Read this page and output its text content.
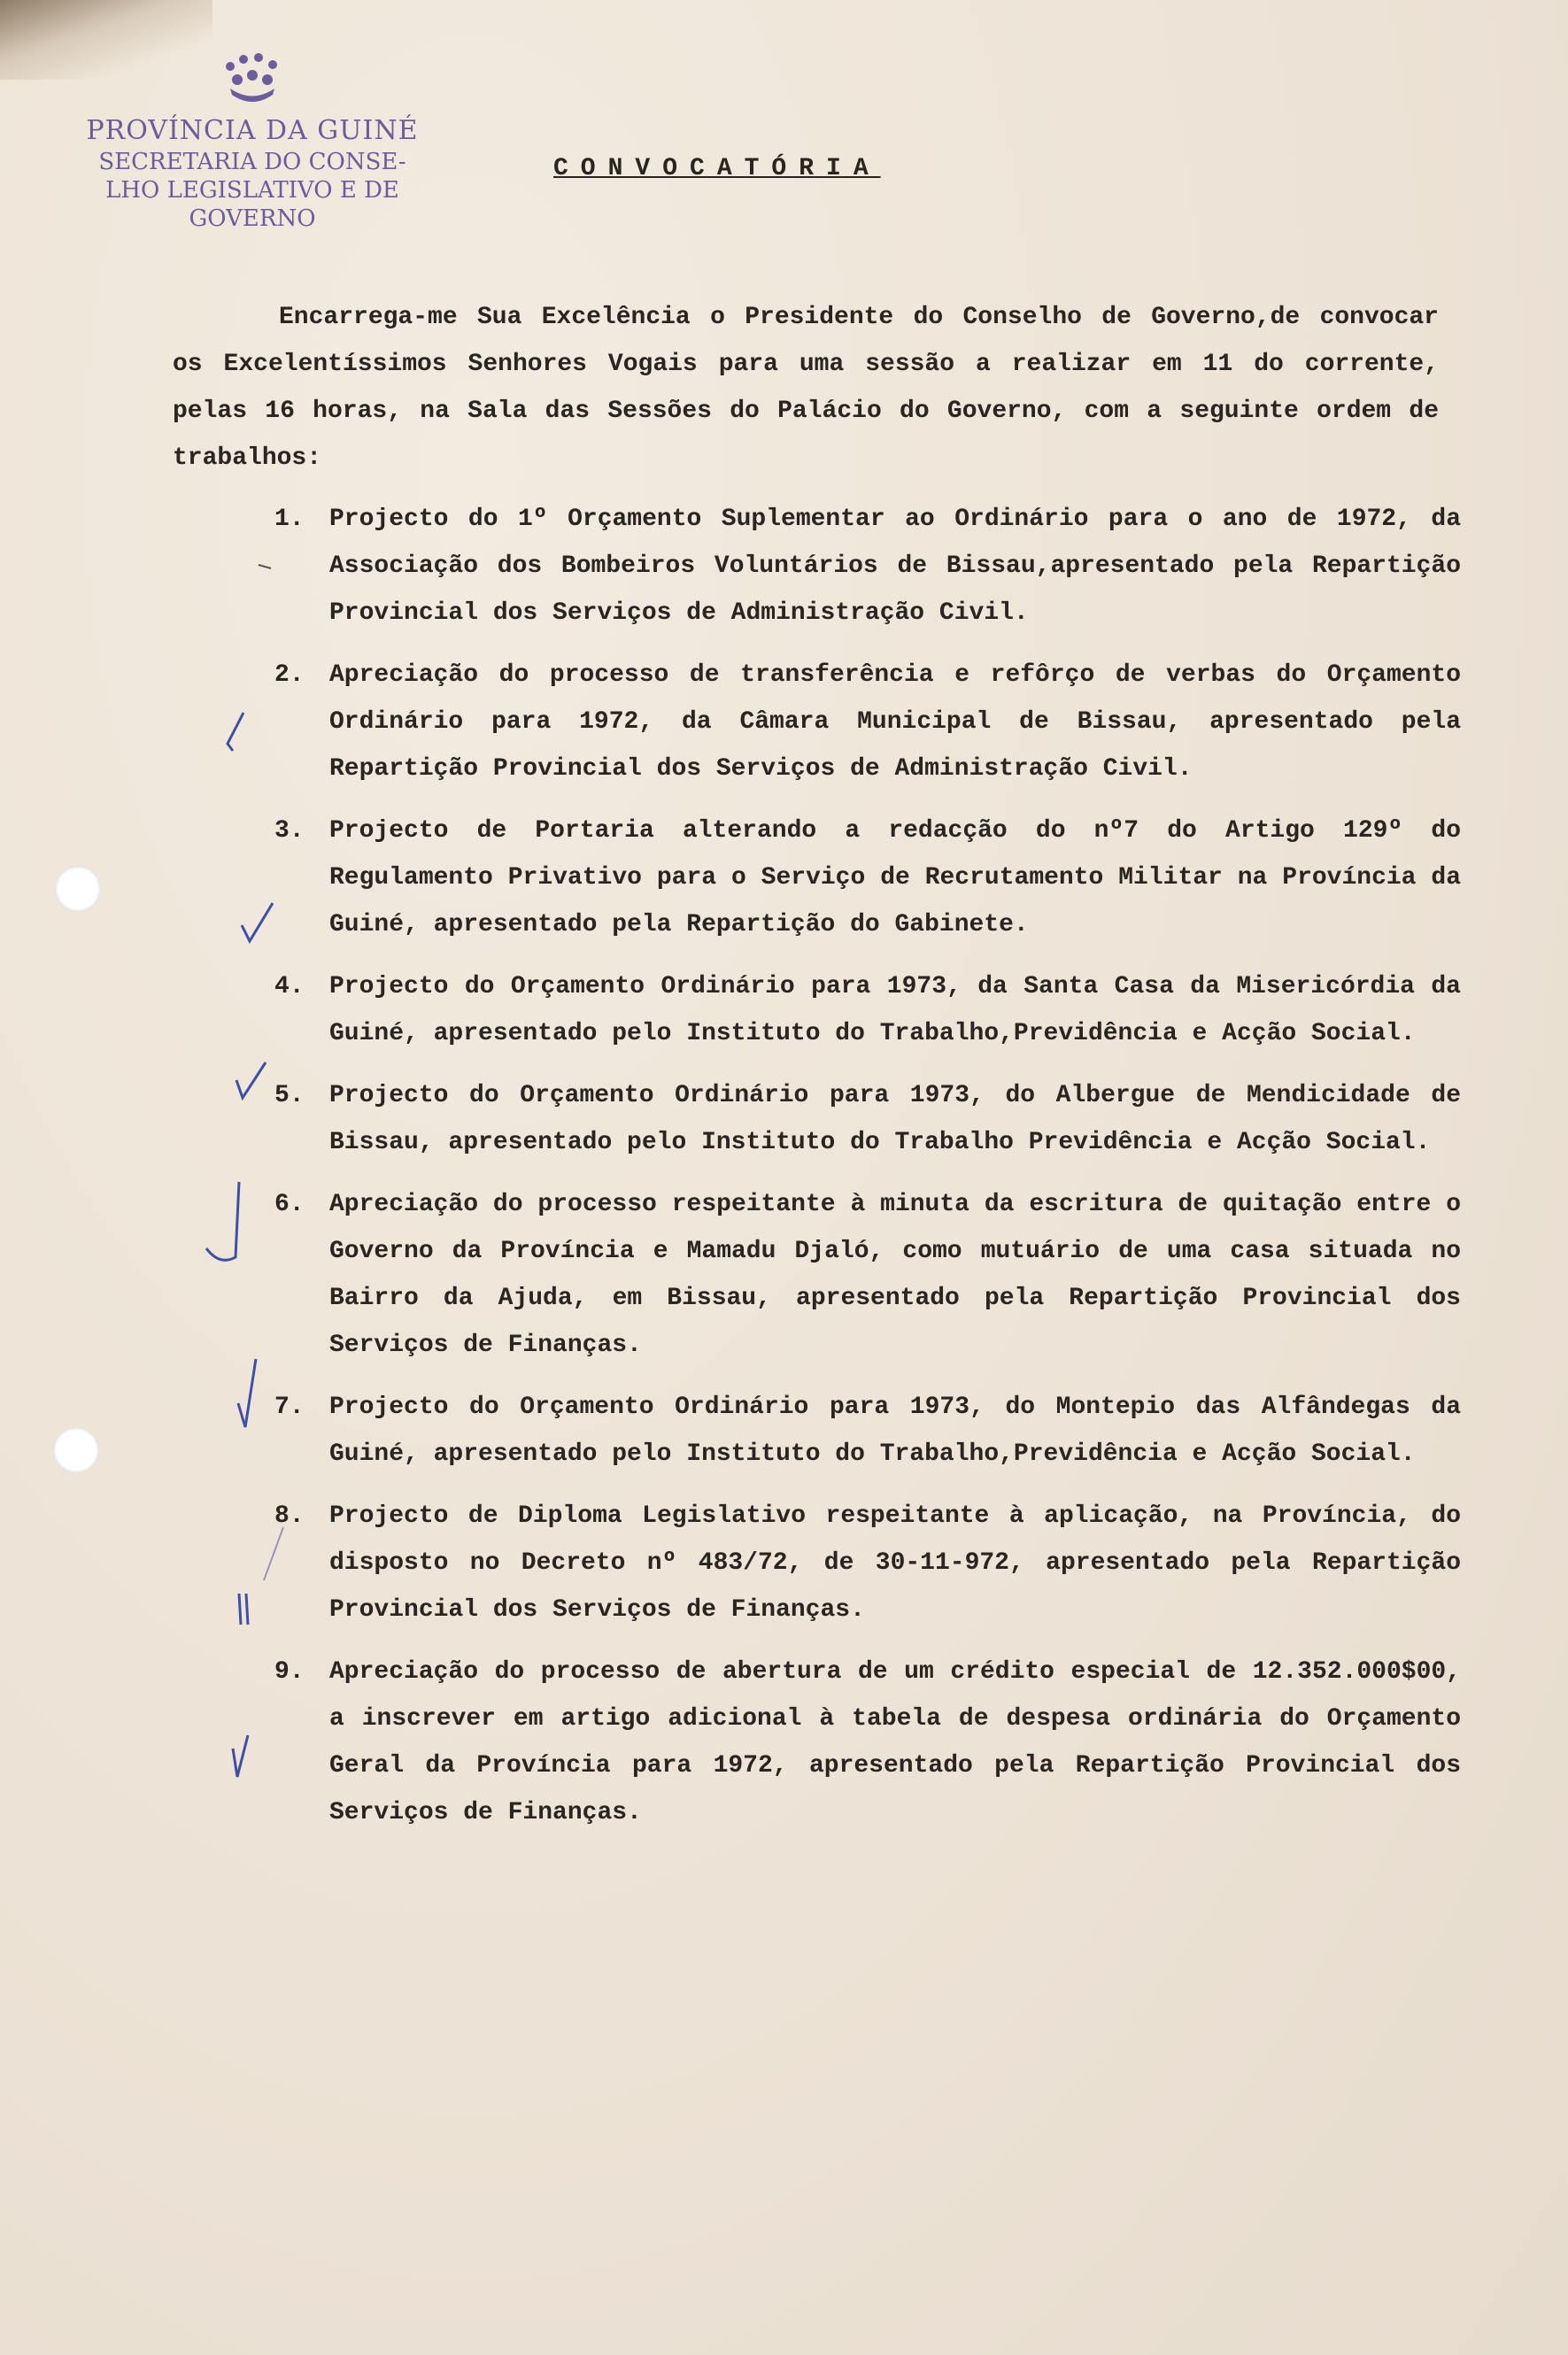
PROVÍNCIA DA GUINÉ
SECRETARIA DO CONSE-
LHO LEGISLATIVO E DE
GOVERNO
CONVOCATÓRIA

Encarrega-me Sua Excelência o Presidente do Conselho de Governo,de convocar os Excelentíssimos Senhores Vogais para uma sessão a realizar em 11 do corrente, pelas 16 horas, na Sala das Sessões do Palácio do Governo, com a seguinte ordem de trabalhos:

1.	Projecto do 1º Orçamento Suplementar ao Ordinário para o ano de 1972, da Associação dos Bombeiros Voluntários de Bissau,apresentado pela Repartição Provincial dos Serviços de Administração Civil.
2.	Apreciação do processo de transferência e refôrço de verbas do Orçamento Ordinário para 1972, da Câmara Municipal de Bissau, apresentado pela Repartição Provincial dos Serviços de Administração Civil.
3.	Projecto de Portaria alterando a redacção do nº7 do Artigo 129º do Regulamento Privativo para o Serviço de Recrutamento Militar na Província da Guiné, apresentado pela Repartição do Gabinete.
4.	Projecto do Orçamento Ordinário para 1973, da Santa Casa da Misericórdia da Guiné, apresentado pelo Instituto do Trabalho,Previdência e Acção Social.
5.	Projecto do Orçamento Ordinário para 1973, do Albergue de Mendicidade de Bissau, apresentado pelo Instituto do Trabalho Previdência e Acção Social.
6.	Apreciação do processo respeitante à minuta da escritura de quitação entre o Governo da Província e Mamadu Djaló, como mutuário de uma casa situada no Bairro da Ajuda, em Bissau, apresentado pela Repartição Provincial dos Serviços de Finanças.
7.	Projecto do Orçamento Ordinário para 1973, do Montepio das Alfândegas da Guiné, apresentado pelo Instituto do Trabalho,Previdência e Acção Social.
8.	Projecto de Diploma Legislativo respeitante à aplicação, na Província, do disposto no Decreto nº 483/72, de 30-11-972, apresentado pela Repartição Provincial dos Serviços de Finanças.
9.	Apreciação do processo de abertura de um crédito especial de 12.352.000$00, a inscrever em artigo adicional à tabela de despesa ordinária do Orçamento Geral da Província para 1972, apresentado pela Repartição Provincial dos Serviços de Finanças.
